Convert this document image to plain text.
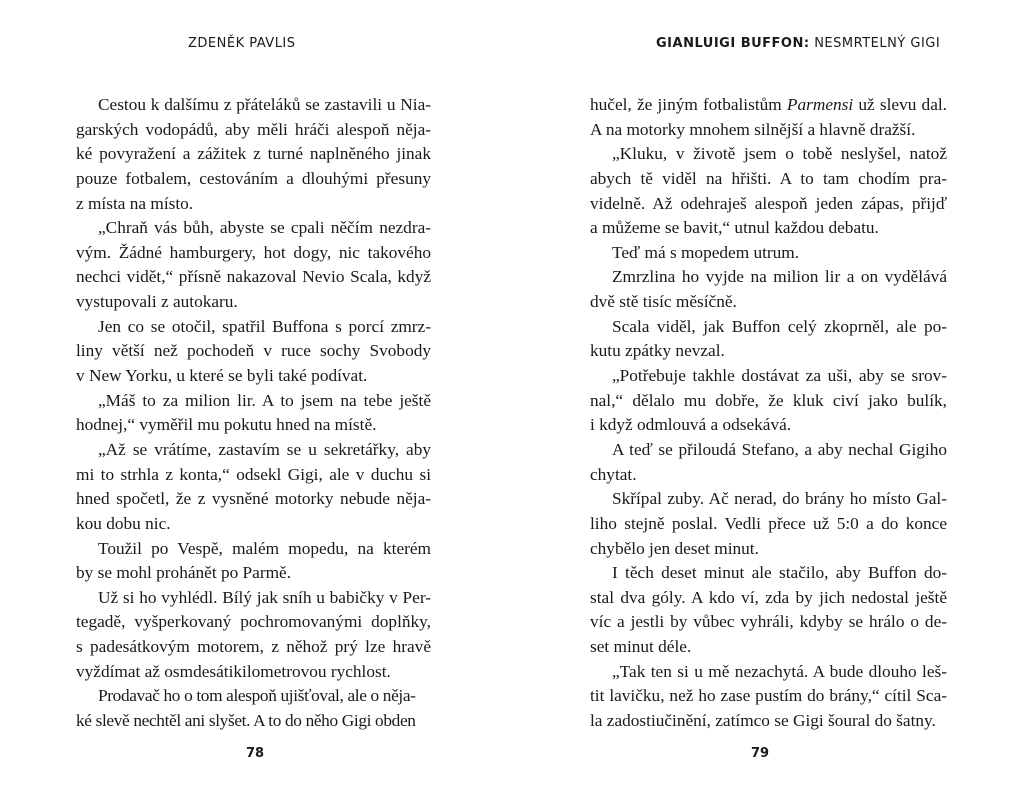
ZDENĚK PAVLIS
Cestou k dalšímu z přáteláků se zastavili u Nia-
garských vodopádů, aby měli hráči alespoň něja-
ké povyražení a zážitek z turné naplněného jinak
pouze fotbalem, cestováním a dlouhými přesuny
z místa na místo.
„Chraň vás bůh, abyste se cpali něčím nezdra-
vým. Žádné hamburgery, hot dogy, nic takového
nechci vidět,“ přísně nakazoval Nevio Scala, když
vystupovali z autokaru.
Jen co se otočil, spatřil Buffona s porcí zmrz-
liny větší než pochodeň v ruce sochy Svobody
v New Yorku, u které se byli také podívat.
„Máš to za milion lir. A to jsem na tebe ještě
hodnej,“ vyměřil mu pokutu hned na místě.
„Až se vrátíme, zastavím se u sekretářky, aby
mi to strhla z konta,“ odsekl Gigi, ale v duchu si
hned spočetl, že z vysněné motorky nebude něja-
kou dobu nic.
Toužil po Vespě, malém mopedu, na kterém
by se mohl prohánět po Parmě.
Už si ho vyhlédl. Bílý jak sníh u babičky v Per-
tegadě, vyšperkovaný pochromovanými doplňky,
s padesátkovým motorem, z něhož prý lze hravě
vyždímat až osmdesátikilometrovou rychlost.
Prodavač ho o tom alespoň ujišťoval, ale o něja-
ké slevě nechtěl ani slyšet. A to do něho Gigi obden
78
GIANLUIGI BUFFON: NESMRTELNÝ GIGI
hučel, že jiným fotbalistům Parmensi už slevu dal.
A na motorky mnohem silnější a hlavně dražší.
„Kluku, v životě jsem o tobě neslyšel, natož
abych tě viděl na hřišti. A to tam chodím pra-
videlně. Až odehraješ alespoň jeden zápas, přijď
a můžeme se bavit,“ utnul každou debatu.
Teď má s mopedem utrum.
Zmrzlina ho vyjde na milion lir a on vydělává
dvě stě tisíc měsíčně.
Scala viděl, jak Buffon celý zkoprněl, ale po-
kutu zpátky nevzal.
„Potřebuje takhle dostávat za uši, aby se srov-
nal,“ dělalo mu dobře, že kluk civí jako bulík,
i když odmlouvá a odsekává.
A teď se přiloudá Stefano, a aby nechal Gigiho
chytat.
Skřípal zuby. Ač nerad, do brány ho místo Gal-
liho stejně poslal. Vedli přece už 5:0 a do konce
chybělo jen deset minut.
I těch deset minut ale stačilo, aby Buffon do-
stal dva góly. A kdo ví, zda by jich nedostal ještě
víc a jestli by vůbec vyhráli, kdyby se hrálo o de-
set minut déle.
„Tak ten si u mě nezachytá. A bude dlouho leš-
tit lavičku, než ho zase pustím do brány,“ cítil Sca-
la zadostiučinění, zatímco se Gigi šoural do šatny.
79
